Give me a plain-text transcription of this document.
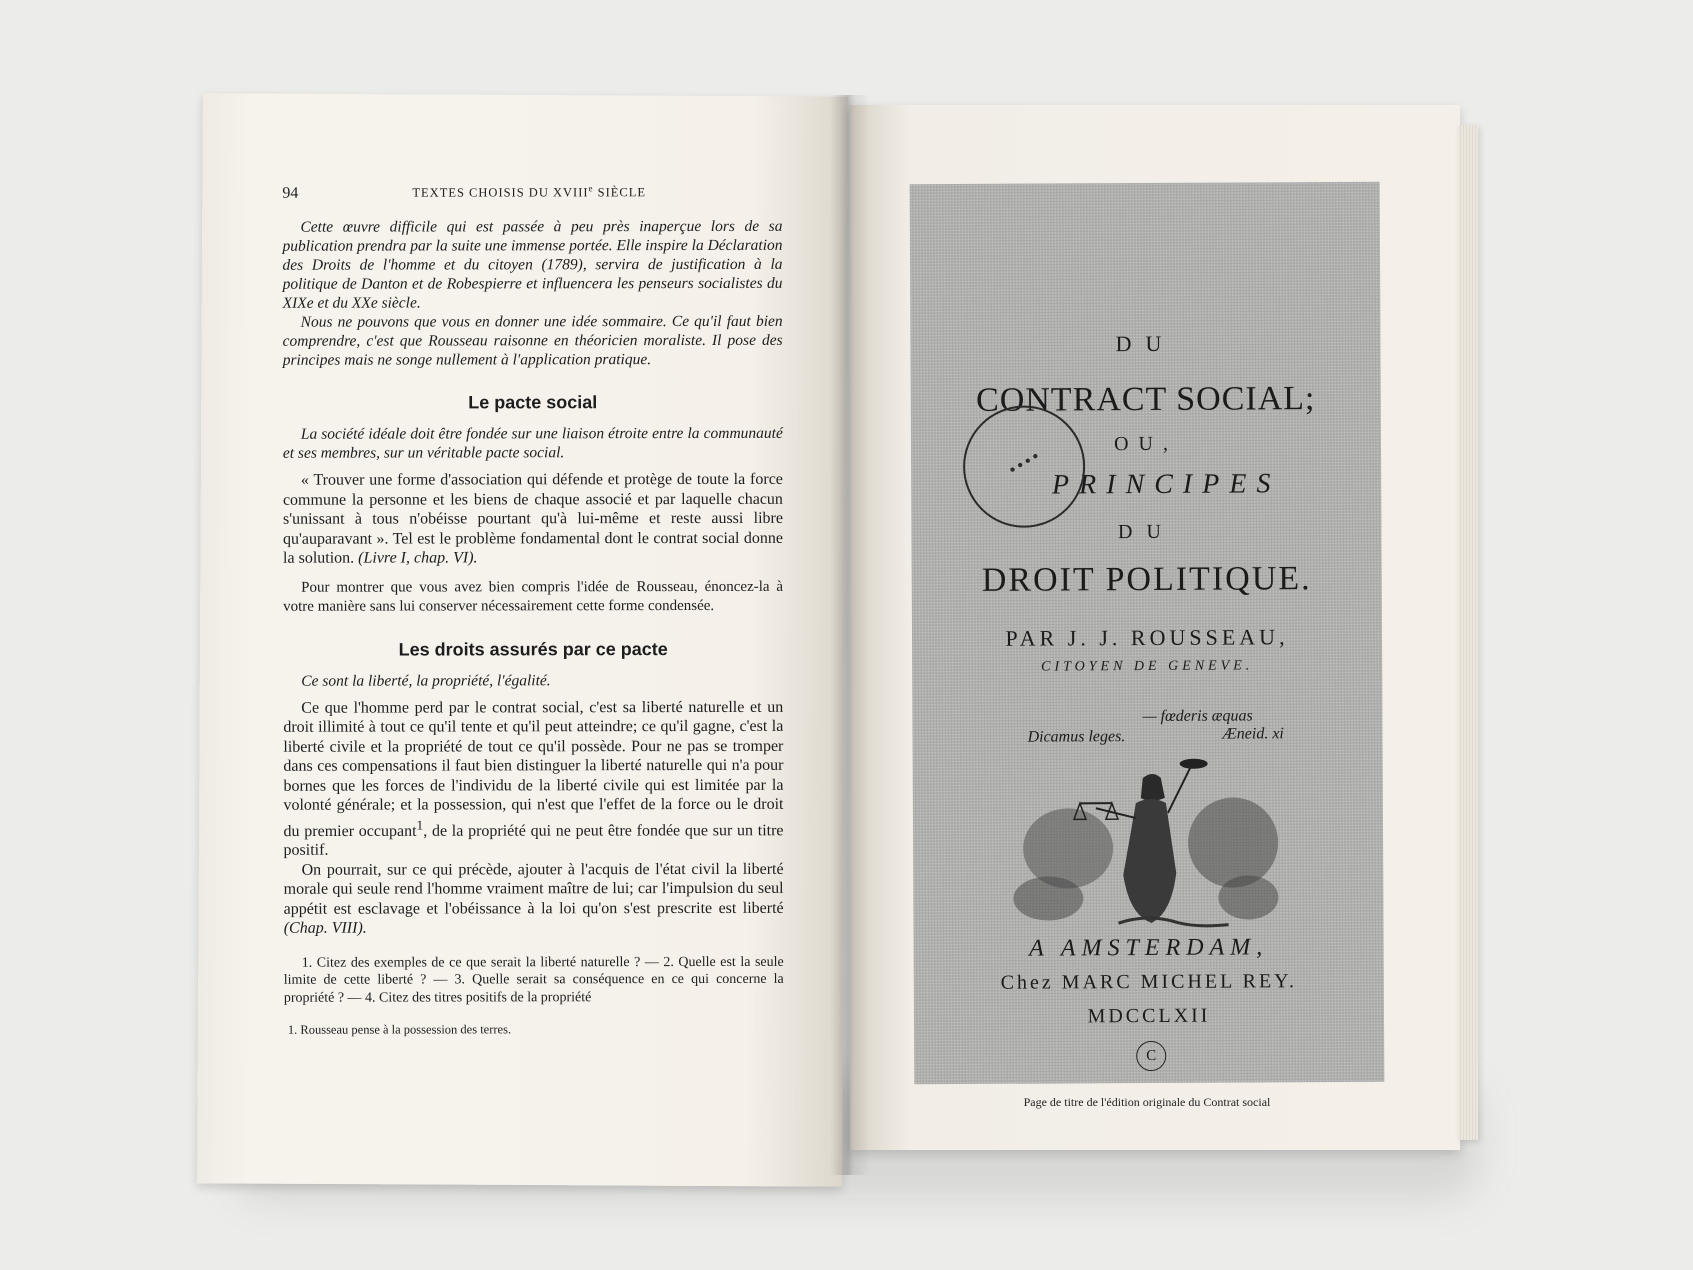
94	TEXTES CHOISIS DU XVIIIe SIÈCLE

Cette œuvre difficile qui est passée à peu près inaperçue lors de sa publication prendra par la suite une immense portée. Elle inspire la Déclaration des Droits de l'homme et du citoyen (1789), servira de justification à la politique de Danton et de Robespierre et influencera les penseurs socialistes du XIXe et du XXe siècle.

Nous ne pouvons que vous en donner une idée sommaire. Ce qu'il faut bien comprendre, c'est que Rousseau raisonne en théoricien moraliste. Il pose des principes mais ne songe nullement à l'application pratique.

Le pacte social

La société idéale doit être fondée sur une liaison étroite entre la communauté et ses membres, sur un véritable pacte social.

« Trouver une forme d'association qui défende et protège de toute la force commune la personne et les biens de chaque associé et par laquelle chacun s'unissant à tous n'obéisse pourtant qu'à lui-même et reste aussi libre qu'auparavant ». Tel est le problème fondamental dont le contrat social donne la solution. (Livre I, chap. VI).

Pour montrer que vous avez bien compris l'idée de Rousseau, énoncez-la à votre manière sans lui conserver nécessairement cette forme condensée.

Les droits assurés par ce pacte

Ce sont la liberté, la propriété, l'égalité.

Ce que l'homme perd par le contrat social, c'est sa liberté naturelle et un droit illimité à tout ce qu'il tente et qu'il peut atteindre; ce qu'il gagne, c'est la liberté civile et la propriété de tout ce qu'il possède. Pour ne pas se tromper dans ces compensations il faut bien distinguer la liberté naturelle qui n'a pour bornes que les forces de l'individu de la liberté civile qui est limitée par la volonté générale; et la possession, qui n'est que l'effet de la force ou le droit du premier occupant$^1$, de la propriété qui ne peut être fondée que sur un titre positif.

On pourrait, sur ce qui précède, ajouter à l'acquis de l'état civil la liberté morale qui seule rend l'homme vraiment maître de lui; car l'impulsion du seul appétit est esclavage et l'obéissance à la loi qu'on s'est prescrite est liberté (Chap. VIII).

1. Citez des exemples de ce que serait la liberté naturelle ? — 2. Quelle est la seule limite de cette liberté ? — 3. Quelle serait sa conséquence en ce qui concerne la propriété ? — 4. Citez des titres positifs de la propriété

1. Rousseau pense à la possession des terres.

DU
CONTRACT SOCIAL;
OU,
PRINCIPES
DU
DROIT POLITIQUE.
PAR J. J. ROUSSEAU,
CITOYEN DE GENEVE.
— fœderis æquas
Dicamus leges.	Æneid. xi
● ● ● ●
A AMSTERDAM,
Chez MARC MICHEL REY.
MDCCLXII
C
Page de titre de l'édition originale du Contrat social
